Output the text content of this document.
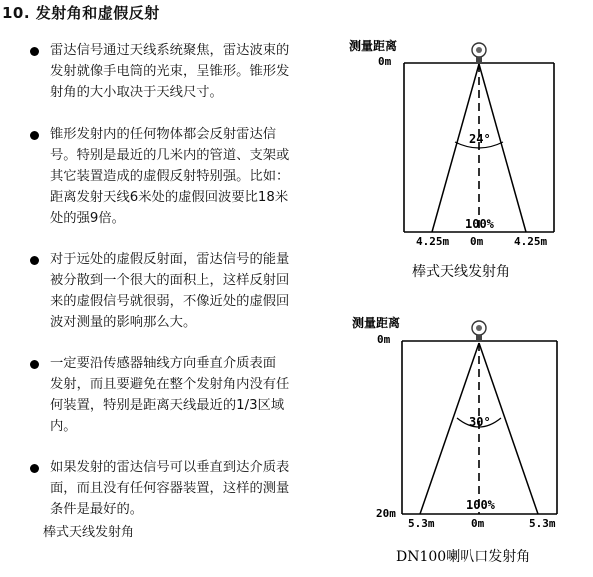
10. 发射角和虚假反射
雷达信号通过天线系统聚焦，雷达波束的
发射就像手电筒的光束，呈锥形。锥形发
射角的大小取决于天线尺寸。
锥形发射内的任何物体都会反射雷达信
号。特别是最近的几米内的管道、支架或
其它装置造成的虚假反射特别强。比如：
距离发射天线6米处的虚假回波要比18米
处的强9倍。
对于远处的虚假反射面，雷达信号的能量
被分散到一个很大的面积上，这样反射回
来的虚假信号就很弱，不像近处的虚假回
波对测量的影响那么大。
一定要沿传感器轴线方向垂直介质表面
发射，而且要避免在整个发射角内没有任
何装置，特别是距离天线最近的1/3区域
内。
如果发射的雷达信号可以垂直到达介质表
面，而且没有任何容器装置，这样的测量
条件是最好的。
棒式天线发射角
测量距离
0m
24°
100%
4.25m 0m	4.25m
棒式天线发射角
测量距离
0m
30°
100%
20m
5.3m	0m	5.3m
DN100喇叭口发射角
